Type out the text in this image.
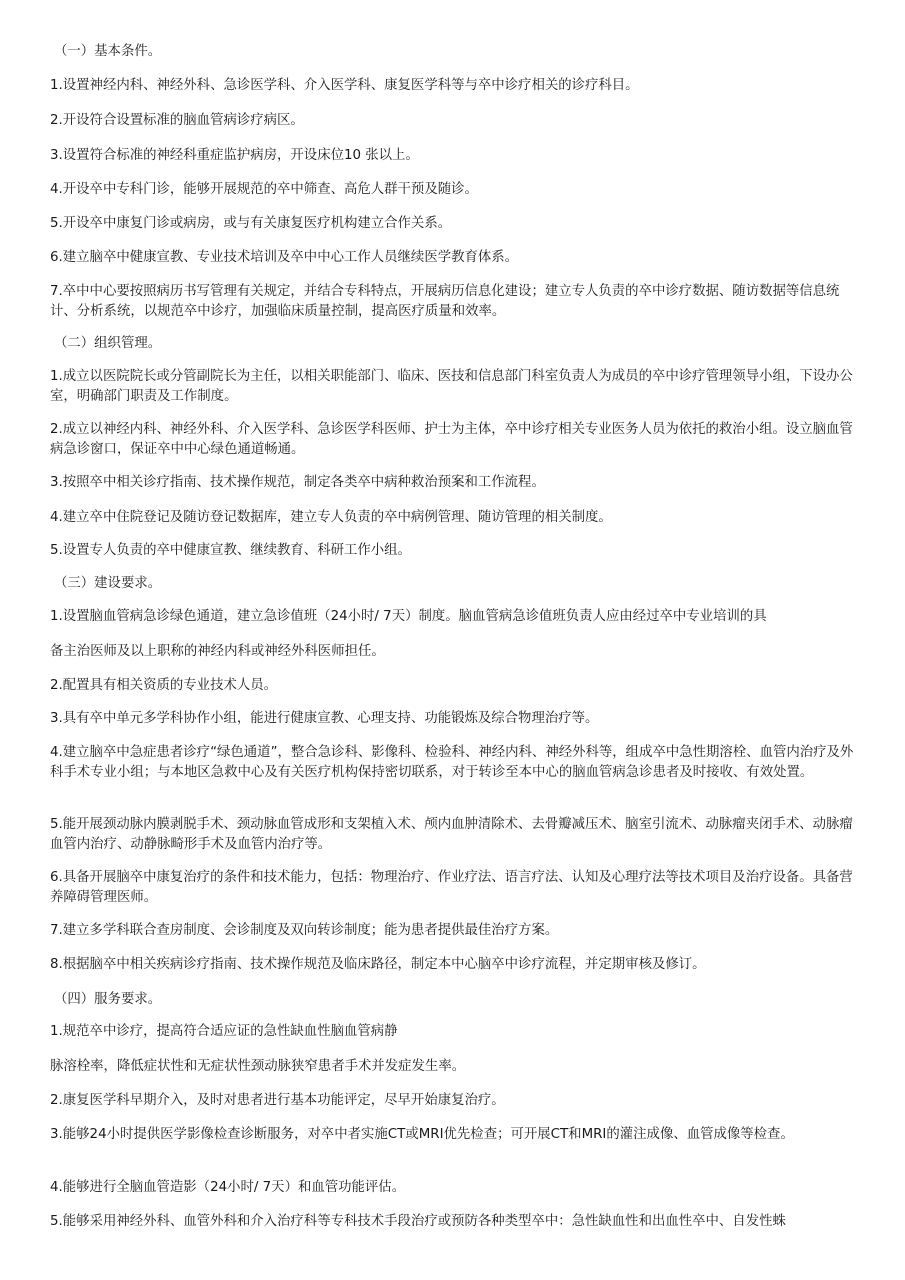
（一）基本条件。
1.设置神经内科、神经外科、急诊医学科、介入医学科、康复医学科等与卒中诊疗相关的诊疗科目。
2.开设符合设置标准的脑血管病诊疗病区。
3.设置符合标准的神经科重症监护病房，开设床位10 张以上。
4.开设卒中专科门诊，能够开展规范的卒中筛查、高危人群干预及随诊。
5.开设卒中康复门诊或病房，或与有关康复医疗机构建立合作关系。
6.建立脑卒中健康宣教、专业技术培训及卒中中心工作人员继续医学教育体系。
7.卒中中心要按照病历书写管理有关规定，并结合专科特点，开展病历信息化建设；建立专人负责的卒中诊疗数据、随访数据等信息统计、分析系统，以规范卒中诊疗，加强临床质量控制，提高医疗质量和效率。
（二）组织管理。
1.成立以医院院长或分管副院长为主任，以相关职能部门、临床、医技和信息部门科室负责人为成员的卒中诊疗管理领导小组，下设办公室，明确部门职责及工作制度。
2.成立以神经内科、神经外科、介入医学科、急诊医学科医师、护士为主体，卒中诊疗相关专业医务人员为依托的救治小组。设立脑血管病急诊窗口，保证卒中中心绿色通道畅通。
3.按照卒中相关诊疗指南、技术操作规范，制定各类卒中病种救治预案和工作流程。
4.建立卒中住院登记及随访登记数据库，建立专人负责的卒中病例管理、随访管理的相关制度。
5.设置专人负责的卒中健康宣教、继续教育、科研工作小组。
（三）建设要求。
1.设置脑血管病急诊绿色通道，建立急诊值班（24小时/ 7天）制度。脑血管病急诊值班负责人应由经过卒中专业培训的具
备主治医师及以上职称的神经内科或神经外科医师担任。
2.配置具有相关资质的专业技术人员。
3.具有卒中单元多学科协作小组，能进行健康宣教、心理支持、功能锻炼及综合物理治疗等。
4.建立脑卒中急症患者诊疗“绿色通道”，整合急诊科、影像科、检验科、神经内科、神经外科等，组成卒中急性期溶栓、血管内治疗及外科手术专业小组；与本地区急救中心及有关医疗机构保持密切联系，对于转诊至本中心的脑血管病急诊患者及时接收、有效处置。
5.能开展颈动脉内膜剥脱手术、颈动脉血管成形和支架植入术、颅内血肿清除术、去骨瓣减压术、脑室引流术、动脉瘤夹闭手术、动脉瘤血管内治疗、动静脉畸形手术及血管内治疗等。
6.具备开展脑卒中康复治疗的条件和技术能力，包括：物理治疗、作业疗法、语言疗法、认知及心理疗法等技术项目及治疗设备。具备营养障碍管理医师。
7.建立多学科联合查房制度、会诊制度及双向转诊制度；能为患者提供最佳治疗方案。
8.根据脑卒中相关疾病诊疗指南、技术操作规范及临床路径，制定本中心脑卒中诊疗流程，并定期审核及修订。
（四）服务要求。
1.规范卒中诊疗，提高符合适应证的急性缺血性脑血管病静
脉溶栓率，降低症状性和无症状性颈动脉狭窄患者手术并发症发生率。
2.康复医学科早期介入，及时对患者进行基本功能评定，尽早开始康复治疗。
3.能够24小时提供医学影像检查诊断服务，对卒中者实施CT或MRI优先检查；可开展CT和MRI的灌注成像、血管成像等检查。
4.能够进行全脑血管造影（24小时/ 7天）和血管功能评估。
5.能够采用神经外科、血管外科和介入治疗科等专科技术手段治疗或预防各种类型卒中：急性缺血性和出血性卒中、自发性蛛
